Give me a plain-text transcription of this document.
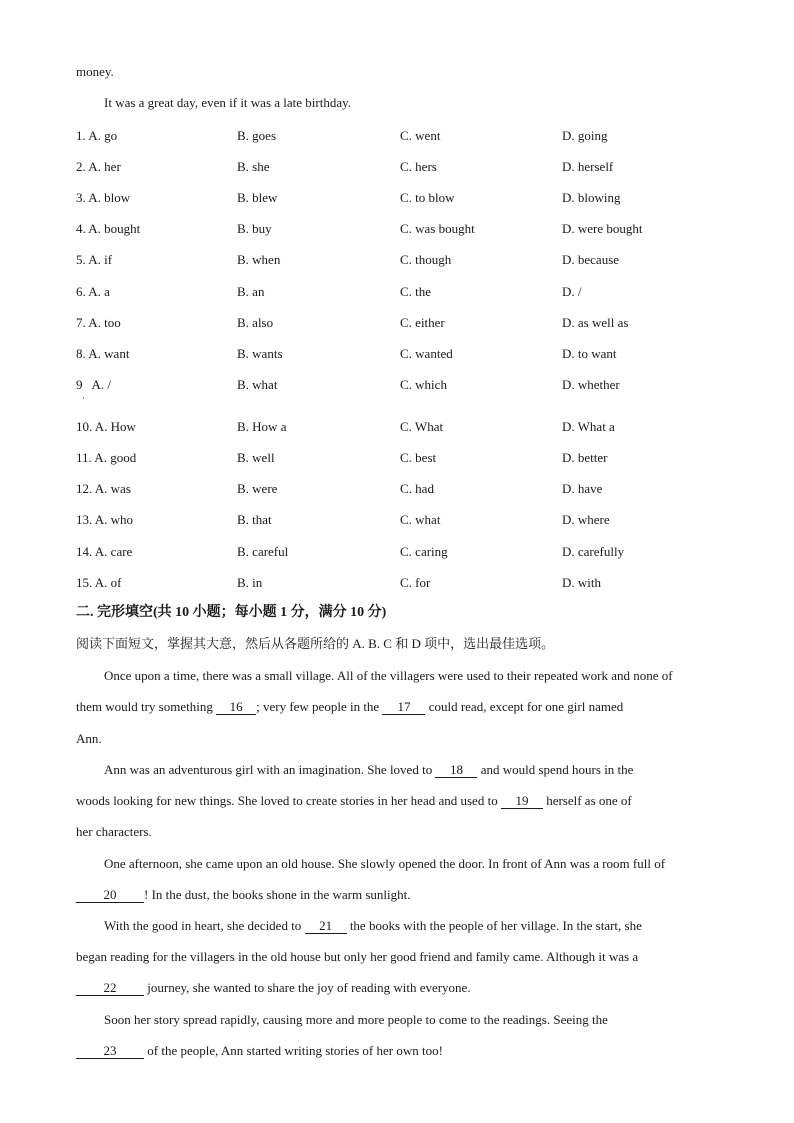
money.
It was a great day, even if it was a late birthday.
1. A. go	B. goes	C. went	D. going
2. A. her	B. she	C. hers	D. herself
3. A. blow	B. blew	C. to blow	D. blowing
4. A. bought	B. buy	C. was bought	D. were bought
5. A. if	B. when	C. though	D. because
6. A. a	B. an	C. the	D. /
7. A. too	B. also	C. either	D. as well as
8. A. want	B. wants	C. wanted	D. to want
9   A. /	B. what	C. which	D. whether
·
10. A. How	B. How a	C. What	D. What a
11. A. good	B. well	C. best	D. better
12. A. was	B. were	C. had	D. have
13. A. who	B. that	C. what	D. where
14. A. care	B. careful	C. caring	D. carefully
15. A. of	B. in	C. for	D. with
二. 完形填空(共 10 小题；每小题 1 分，满分 10 分)
阅读下面短文，掌握其大意，然后从各题所给的 A. B. C 和 D 项中，选出最佳选项。
Once upon a time, there was a small village. All of the villagers were used to their repeated work and none of
them would try something 16 ; very few people in the 17 could read, except for one girl named
Ann.
Ann was an adventurous girl with an imagination. She loved to 18 and would spend hours in the
woods looking for new things. She loved to create stories in her head and used to 19 herself as one of
her characters.
One afternoon, she came upon an old house. She slowly opened the door. In front of Ann was a room full of
20 ! In the dust, the books shone in the warm sunlight.
With the good in heart, she decided to 21 the books with the people of her village. In the start, she
began reading for the villagers in the old house but only her good friend and family came. Although it was a
22 journey, she wanted to share the joy of reading with everyone.
Soon her story spread rapidly, causing more and more people to come to the readings. Seeing the
23 of the people, Ann started writing stories of her own too!
